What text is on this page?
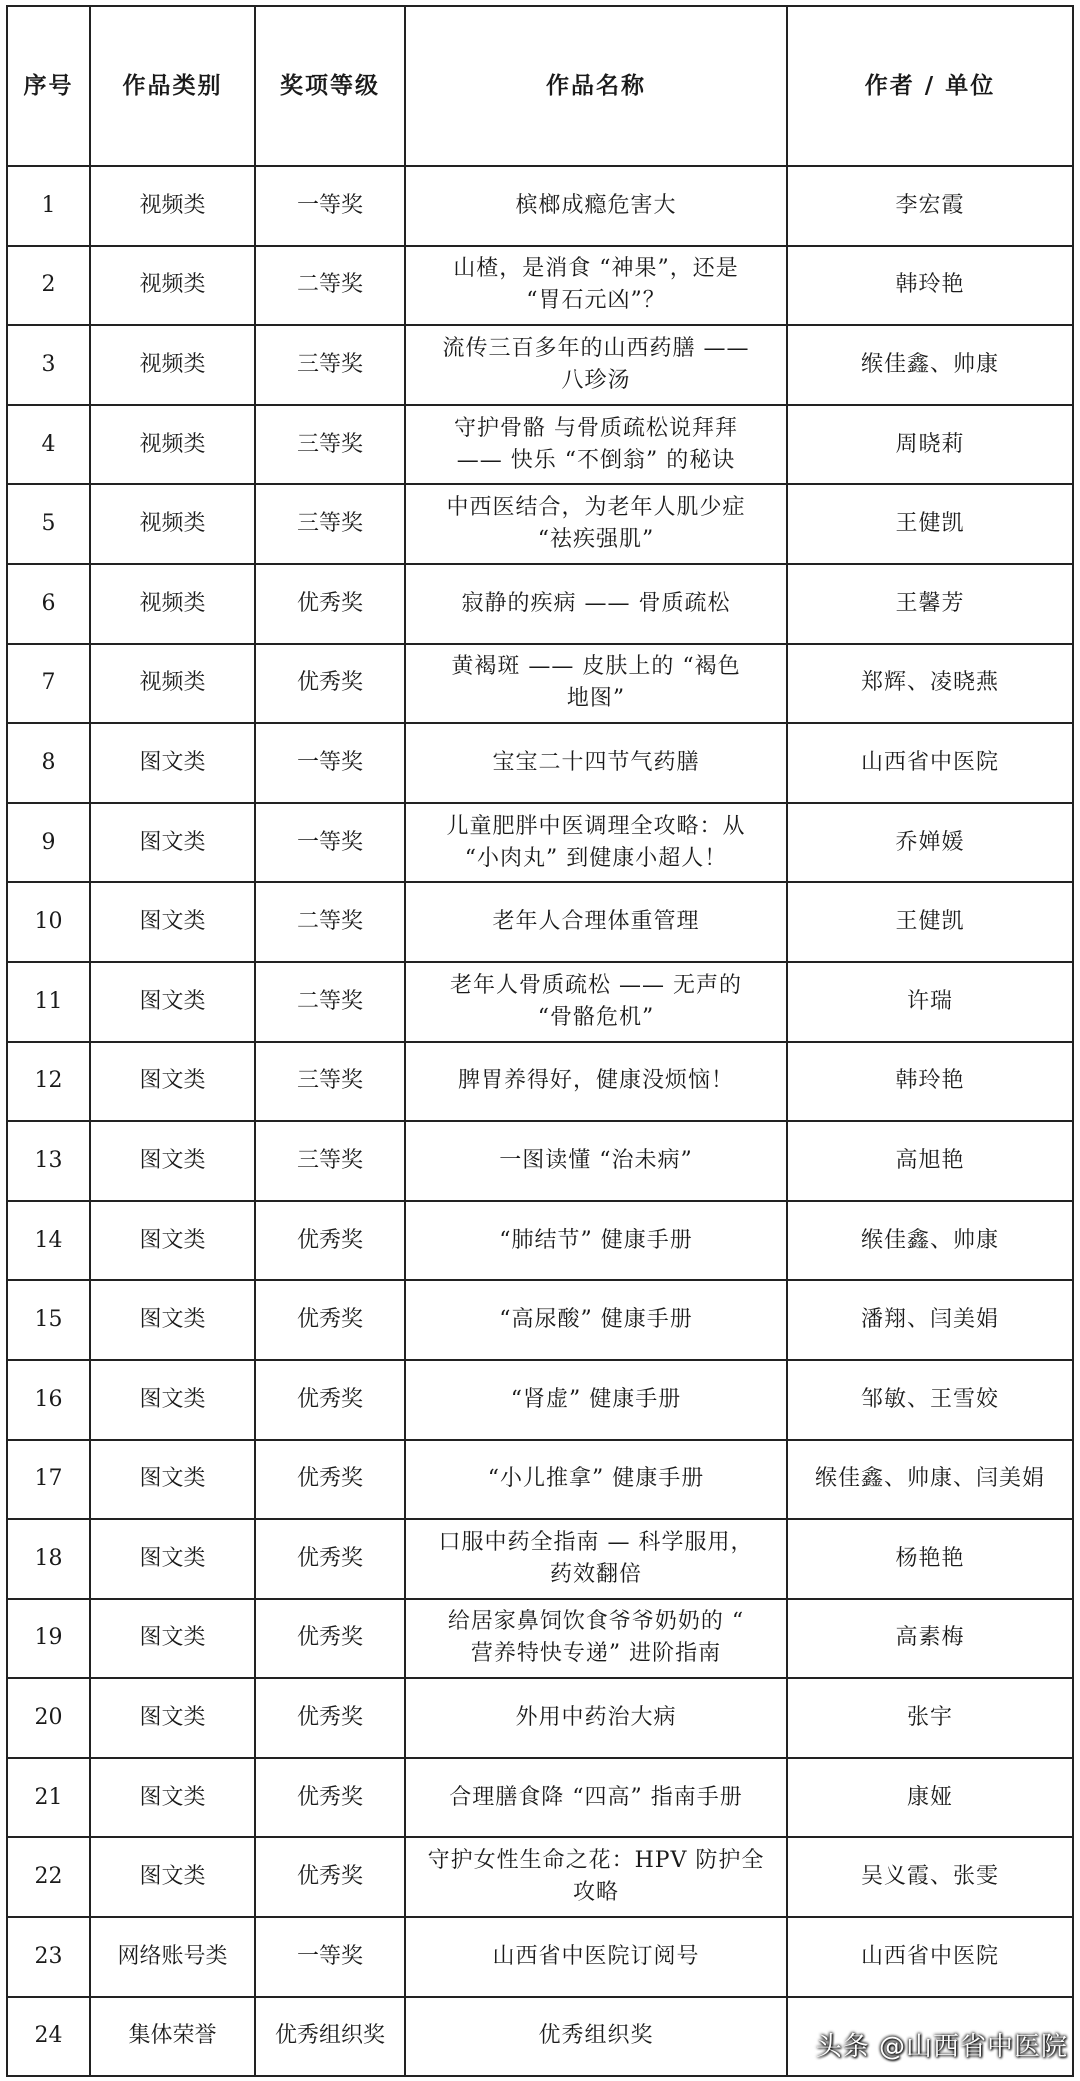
序号	作品类别	奖项等级	作品名称	作者 / 单位
1	视频类	一等奖	槟榔成瘾危害大	李宏霞
2	视频类	二等奖	山楂，是消食 “神果”，还是
“胃石元凶”？	韩玲艳
3	视频类	三等奖	流传三百多年的山西药膳 ——
八珍汤	缑佳鑫、帅康
4	视频类	三等奖	守护骨骼 与骨质疏松说拜拜
—— 快乐 “不倒翁” 的秘诀	周晓莉
5	视频类	三等奖	中西医结合，为老年人肌少症
“祛疾强肌”	王健凯
6	视频类	优秀奖	寂静的疾病 —— 骨质疏松	王馨芳
7	视频类	优秀奖	黄褐斑 —— 皮肤上的 “褐色
地图”	郑辉、凌晓燕
8	图文类	一等奖	宝宝二十四节气药膳	山西省中医院
9	图文类	一等奖	儿童肥胖中医调理全攻略：从
“小肉丸” 到健康小超人！	乔婵媛
10	图文类	二等奖	老年人合理体重管理	王健凯
11	图文类	二等奖	老年人骨质疏松 —— 无声的
“骨骼危机”	许瑞
12	图文类	三等奖	脾胃养得好，健康没烦恼！	韩玲艳
13	图文类	三等奖	一图读懂 “治未病”	高旭艳
14	图文类	优秀奖	“肺结节” 健康手册	缑佳鑫、帅康
15	图文类	优秀奖	“高尿酸” 健康手册	潘翔、闫美娟
16	图文类	优秀奖	“肾虚” 健康手册	邹敏、王雪姣
17	图文类	优秀奖	“小儿推拿” 健康手册	缑佳鑫、帅康、闫美娟
18	图文类	优秀奖	口服中药全指南 — 科学服用，
药效翻倍	杨艳艳
19	图文类	优秀奖	给居家鼻饲饮食爷爷奶奶的 “
营养特快专递” 进阶指南	高素梅
20	图文类	优秀奖	外用中药治大病	张宇
21	图文类	优秀奖	合理膳食降 “四高” 指南手册	康娅
22	图文类	优秀奖	守护女性生命之花：HPV 防护全
攻略	吴义霞、张雯
23	网络账号类	一等奖	山西省中医院订阅号	山西省中医院
24	集体荣誉	优秀组织奖	优秀组织奖	
		头条 @山西省中医院
